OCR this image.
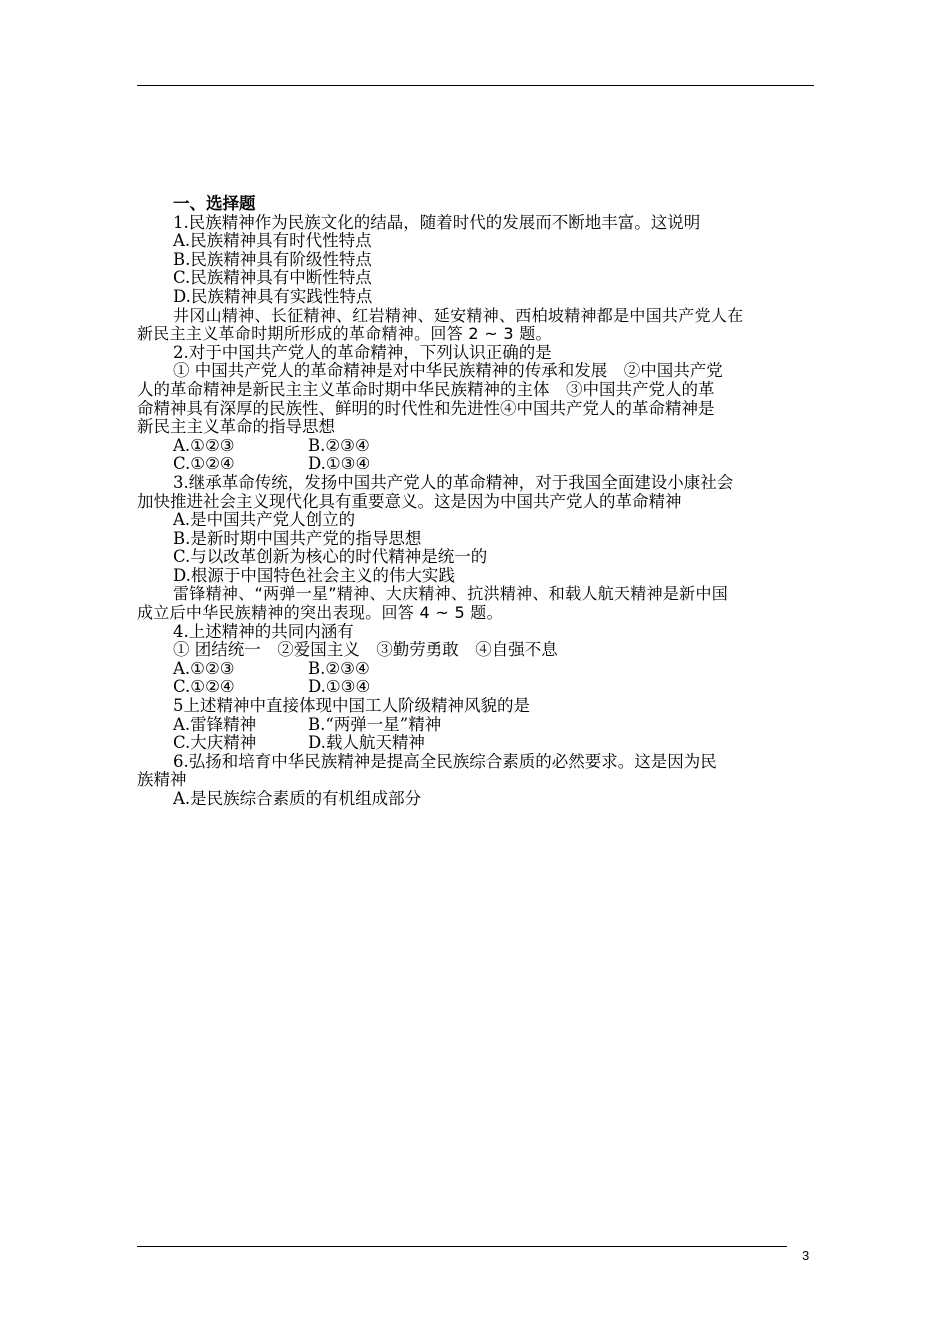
一、选择题
1.民族精神作为民族文化的结晶，随着时代的发展而不断地丰富。这说明
A.民族精神具有时代性特点
B.民族精神具有阶级性特点
C.民族精神具有中断性特点
D.民族精神具有实践性特点
井冈山精神、长征精神、红岩精神、延安精神、西柏坡精神都是中国共产党人在
新民主主义革命时期所形成的革命精神。回答 2 ~ 3 题。
2.对于中国共产党人的革命精神，下列认识正确的是
① 中国共产党人的革命精神是对中华民族精神的传承和发展　②中国共产党
人的革命精神是新民主主义革命时期中华民族精神的主体　③中国共产党人的革
命精神具有深厚的民族性、鲜明的时代性和先进性④中国共产党人的革命精神是
新民主主义革命的指导思想
A.①②③	B.②③④
C.①②④	D.①③④
3.继承革命传统，发扬中国共产党人的革命精神，对于我国全面建设小康社会
加快推进社会主义现代化具有重要意义。这是因为中国共产党人的革命精神
A.是中国共产党人创立的
B.是新时期中国共产党的指导思想
C.与以改革创新为核心的时代精神是统一的
D.根源于中国特色社会主义的伟大实践
雷锋精神、“两弹一星”精神、大庆精神、抗洪精神、和载人航天精神是新中国
成立后中华民族精神的突出表现。回答 4 ~ 5 题。
4.上述精神的共同内涵有
① 团结统一　②爱国主义　③勤劳勇敢　④自强不息
A.①②③	B.②③④
C.①②④	D.①③④
5上述精神中直接体现中国工人阶级精神风貌的是
A.雷锋精神	B.“两弹一星”精神
C.大庆精神	D.载人航天精神
6.弘扬和培育中华民族精神是提高全民族综合素质的必然要求。这是因为民
族精神
A.是民族综合素质的有机组成部分
3
